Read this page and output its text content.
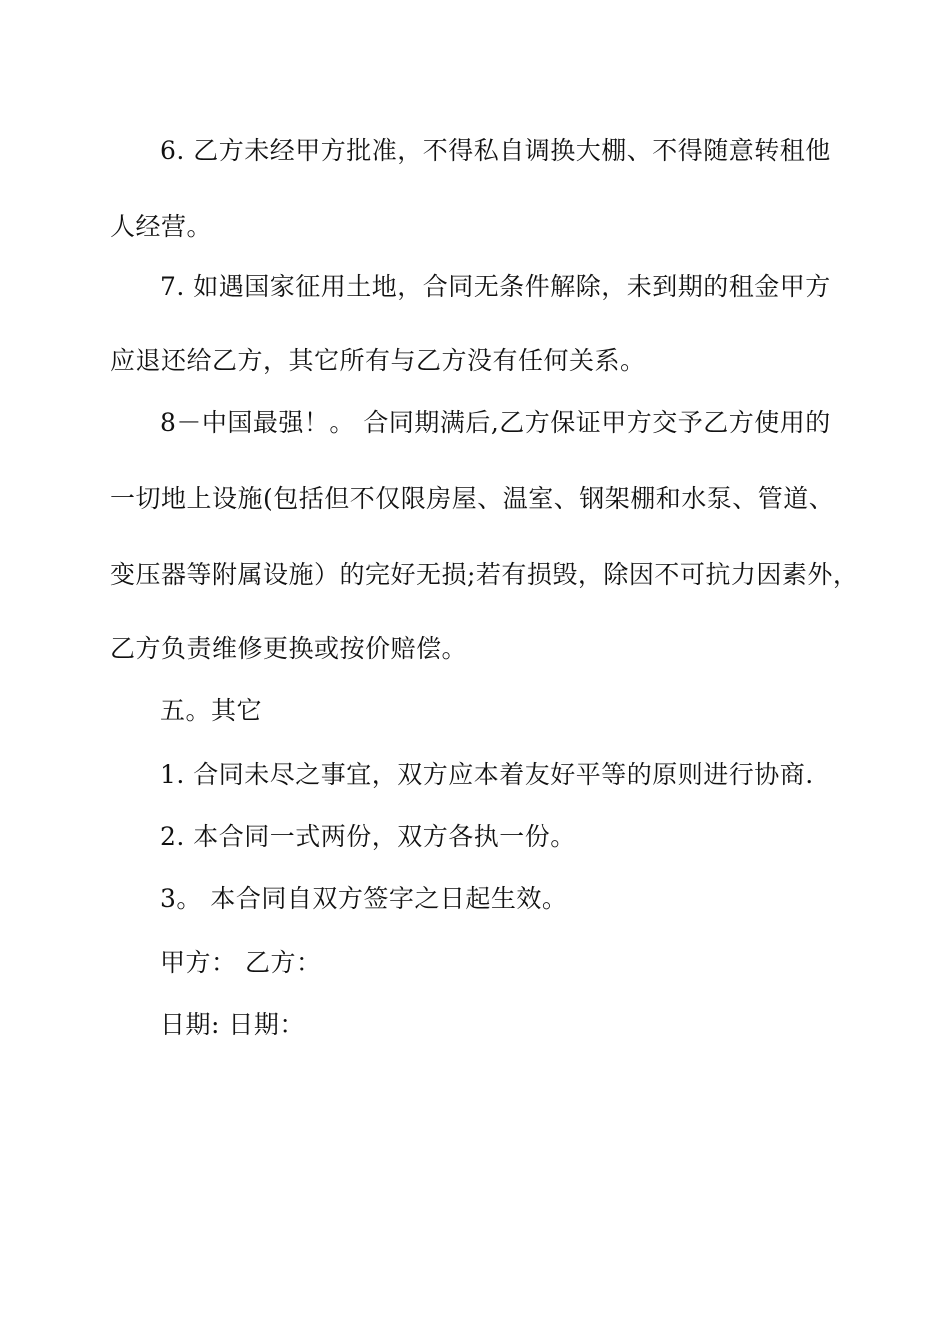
6. 乙方未经甲方批准，不得私自调换大棚、不得随意转租他
人经营。
7. 如遇国家征用土地，合同无条件解除，未到期的租金甲方
应退还给乙方，其它所有与乙方没有任何关系。
8－中国最强！。 合同期满后,乙方保证甲方交予乙方使用的
一切地上设施(包括但不仅限房屋、温室、钢架棚和水泵、管道、
变压器等附属设施）的完好无损;若有损毁，除因不可抗力因素外，
乙方负责维修更换或按价赔偿。
五。其它
1. 合同未尽之事宜，双方应本着友好平等的原则进行协商.
2. 本合同一式两份，双方各执一份。
3。 本合同自双方签字之日起生效。
甲方： 乙方：
日期: 日期：
